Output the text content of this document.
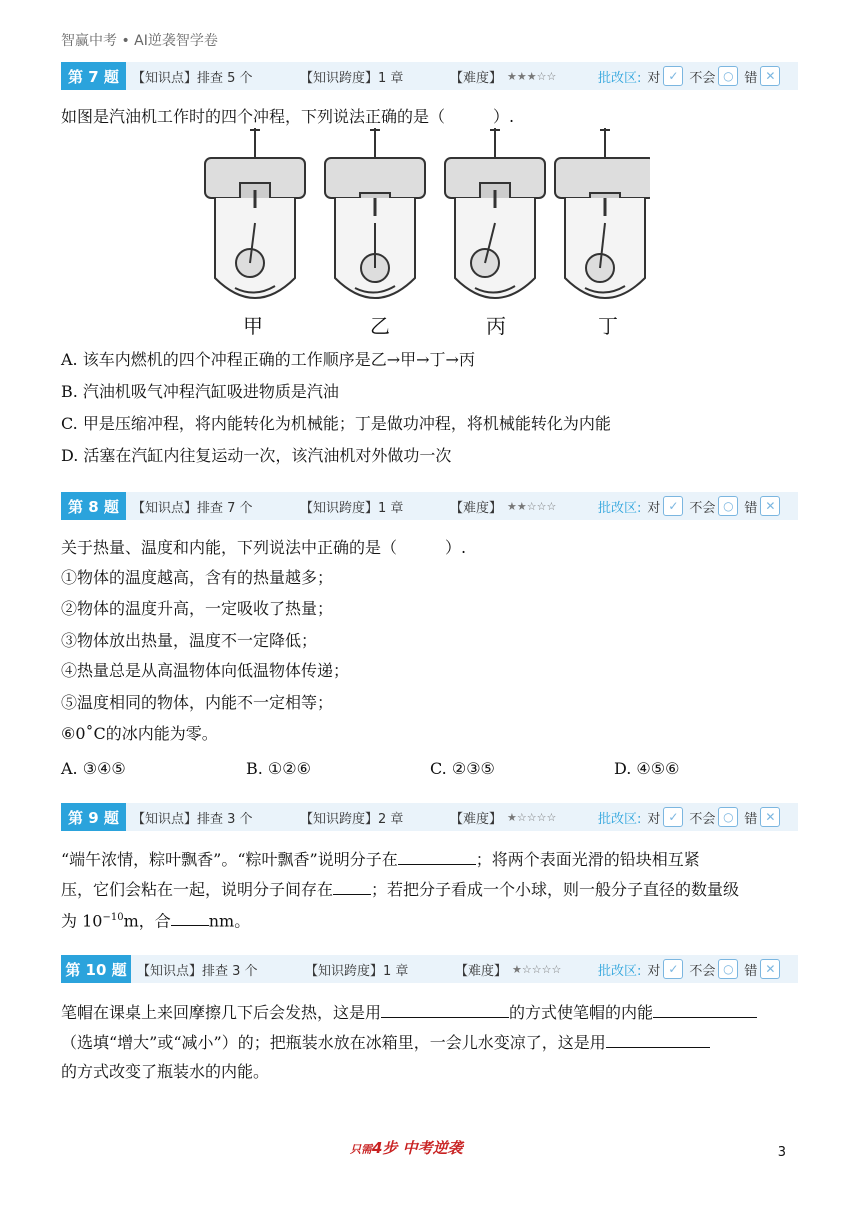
智赢中考 • AI逆袭智学卷
第 7 题	【知识点】排查 5 个	【知识跨度】1 章	【难度】 ★★★☆☆	批改区: 对 ✓ 不会 ○ 错 ✕
如图是汽油机工作时的四个冲程，下列说法正确的是（　　　）.
甲	乙	丙	丁
A. 该车内燃机的四个冲程正确的工作顺序是乙→甲→丁→丙
B. 汽油机吸气冲程汽缸吸进物质是汽油
C. 甲是压缩冲程，将内能转化为机械能；丁是做功冲程，将机械能转化为内能
D. 活塞在汽缸内往复运动一次，该汽油机对外做功一次
第 8 题	【知识点】排查 7 个	【知识跨度】1 章	【难度】 ★★☆☆☆	批改区: 对 ✓ 不会 ○ 错 ✕
关于热量、温度和内能，下列说法中正确的是（　　　）.
①物体的温度越高，含有的热量越多；
②物体的温度升高，一定吸收了热量；
③物体放出热量，温度不一定降低；
④热量总是从高温物体向低温物体传递；
⑤温度相同的物体，内能不一定相等；
⑥0˚C的冰内能为零。
A. ③④⑤	B. ①②⑥	C. ②③⑤	D. ④⑤⑥
第 9 题	【知识点】排查 3 个	【知识跨度】2 章	【难度】 ★☆☆☆☆	批改区: 对 ✓ 不会 ○ 错 ✕
“端午浓情，粽叶飘香”。“粽叶飘香”说明分子在	；将两个表面光滑的铅块相互紧
压，它们会粘在一起，说明分子间存在 ；若把分子看成一个小球，则一般分子直径的数量级
为 $10^{-10}m$，合 nm。
第 10 题 【知识点】排查 3 个	【知识跨度】1 章	【难度】 ★☆☆☆☆	批改区: 对 ✓ 不会 ○ 错 ✕
笔帽在课桌上来回摩擦几下后会发热，这是用	的方式使笔帽的内能
（选填“增大”或“减小”）的；把瓶装水放在冰箱里，一会儿水变凉了，这是用
的方式改变了瓶装水的内能。
只需4步 中考逆袭	3
